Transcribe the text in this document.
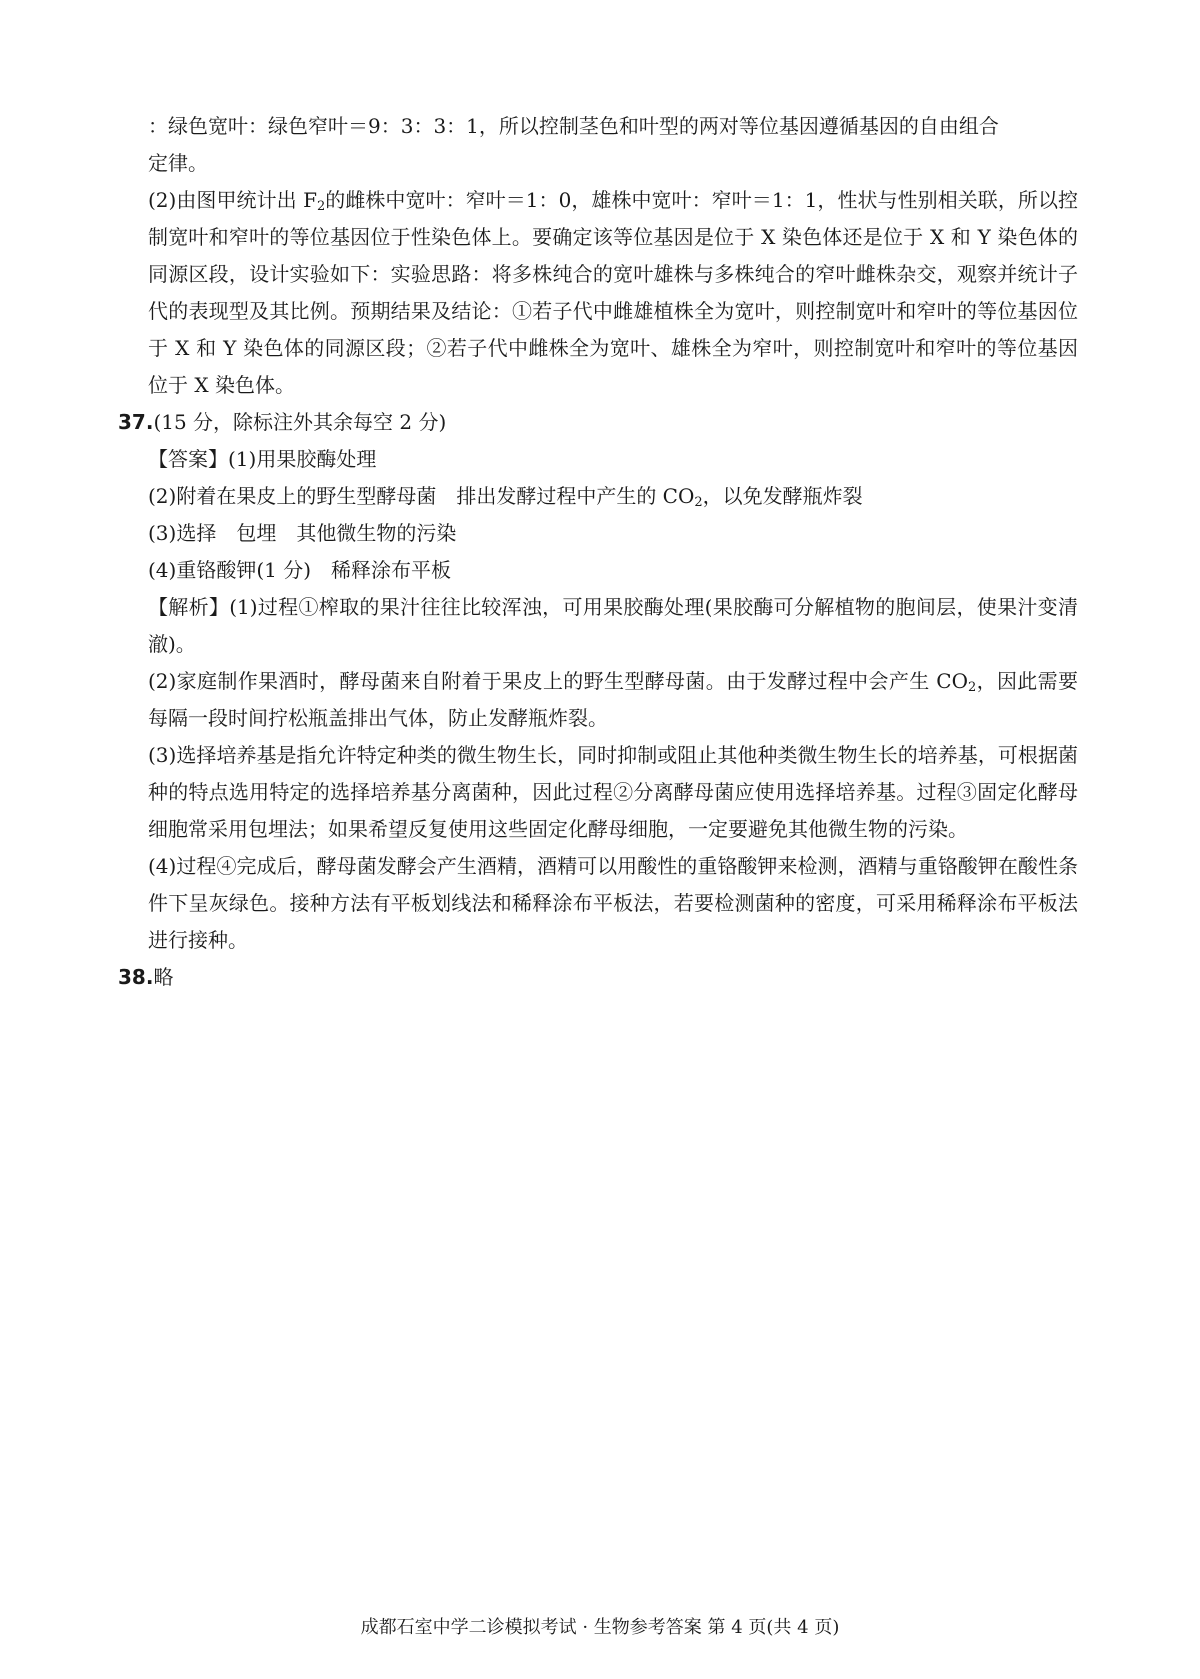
：绿色宽叶：绿色窄叶＝9：3：3：1，所以控制茎色和叶型的两对等位基因遵循基因的自由组合
定律。

(2)由图甲统计出 $F_2$的雌株中宽叶：窄叶＝1：0，雄株中宽叶：窄叶＝1：1，性状与性别相关联，所以控制宽叶和窄叶的等位基因位于性染色体上。要确定该等位基因是位于 X 染色体还是位于 X 和 Y 染色体的同源区段，设计实验如下：实验思路：将多株纯合的宽叶雄株与多株纯合的窄叶雌株杂交，观察并统计子代的表现型及其比例。预期结果及结论：①若子代中雌雄植株全为宽叶，则控制宽叶和窄叶的等位基因位于 X 和 Y 染色体的同源区段；②若子代中雌株全为宽叶、雄株全为窄叶，则控制宽叶和窄叶的等位基因位于 X 染色体。

37.(15 分，除标注外其余每空 2 分)

【答案】(1)用果胶酶处理

(2)附着在果皮上的野生型酵母菌　排出发酵过程中产生的 $CO_2$，以免发酵瓶炸裂

(3)选择　包埋　其他微生物的污染

(4)重铬酸钾(1 分)　稀释涂布平板

【解析】(1)过程①榨取的果汁往往比较浑浊，可用果胶酶处理(果胶酶可分解植物的胞间层，使果汁变清澈)。

(2)家庭制作果酒时，酵母菌来自附着于果皮上的野生型酵母菌。由于发酵过程中会产生 $CO_2$，因此需要每隔一段时间拧松瓶盖排出气体，防止发酵瓶炸裂。

(3)选择培养基是指允许特定种类的微生物生长，同时抑制或阻止其他种类微生物生长的培养基，可根据菌种的特点选用特定的选择培养基分离菌种，因此过程②分离酵母菌应使用选择培养基。过程③固定化酵母细胞常采用包埋法；如果希望反复使用这些固定化酵母细胞，一定要避免其他微生物的污染。

(4)过程④完成后，酵母菌发酵会产生酒精，酒精可以用酸性的重铬酸钾来检测，酒精与重铬酸钾在酸性条件下呈灰绿色。接种方法有平板划线法和稀释涂布平板法，若要检测菌种的密度，可采用稀释涂布平板法进行接种。

38.略

成都石室中学二诊模拟考试 · 生物参考答案 第 4 页(共 4 页)
